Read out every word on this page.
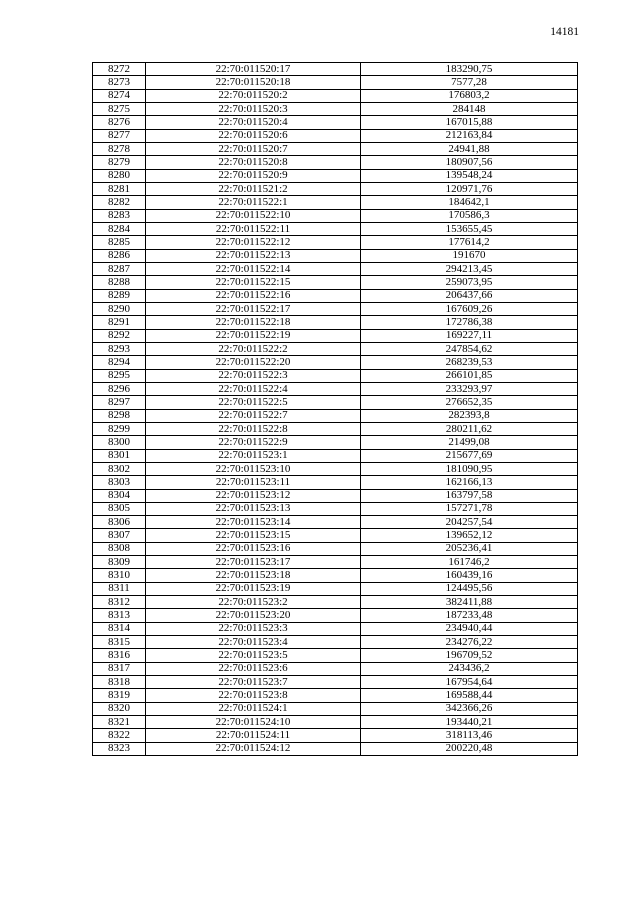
14181
8272	22:70:011520:17	183290,75
8273	22:70:011520:18	7577,28
8274	22:70:011520:2	176803,2
8275	22:70:011520:3	284148
8276	22:70:011520:4	167015,88
8277	22:70:011520:6	212163,84
8278	22:70:011520:7	24941,88
8279	22:70:011520:8	180907,56
8280	22:70:011520:9	139548,24
8281	22:70:011521:2	120971,76
8282	22:70:011522:1	184642,1
8283	22:70:011522:10	170586,3
8284	22:70:011522:11	153655,45
8285	22:70:011522:12	177614,2
8286	22:70:011522:13	191670
8287	22:70:011522:14	294213,45
8288	22:70:011522:15	259073,95
8289	22:70:011522:16	206437,66
8290	22:70:011522:17	167609,26
8291	22:70:011522:18	172786,38
8292	22:70:011522:19	169227,11
8293	22:70:011522:2	247854,62
8294	22:70:011522:20	268239,53
8295	22:70:011522:3	266101,85
8296	22:70:011522:4	233293,97
8297	22:70:011522:5	276652,35
8298	22:70:011522:7	282393,8
8299	22:70:011522:8	280211,62
8300	22:70:011522:9	21499,08
8301	22:70:011523:1	215677,69
8302	22:70:011523:10	181090,95
8303	22:70:011523:11	162166,13
8304	22:70:011523:12	163797,58
8305	22:70:011523:13	157271,78
8306	22:70:011523:14	204257,54
8307	22:70:011523:15	139652,12
8308	22:70:011523:16	205236,41
8309	22:70:011523:17	161746,2
8310	22:70:011523:18	160439,16
8311	22:70:011523:19	124495,56
8312	22:70:011523:2	382411,88
8313	22:70:011523:20	187233,48
8314	22:70:011523:3	234940,44
8315	22:70:011523:4	234276,22
8316	22:70:011523:5	196709,52
8317	22:70:011523:6	243436,2
8318	22:70:011523:7	167954,64
8319	22:70:011523:8	169588,44
8320	22:70:011524:1	342366,26
8321	22:70:011524:10	193440,21
8322	22:70:011524:11	318113,46
8323	22:70:011524:12	200220,48
